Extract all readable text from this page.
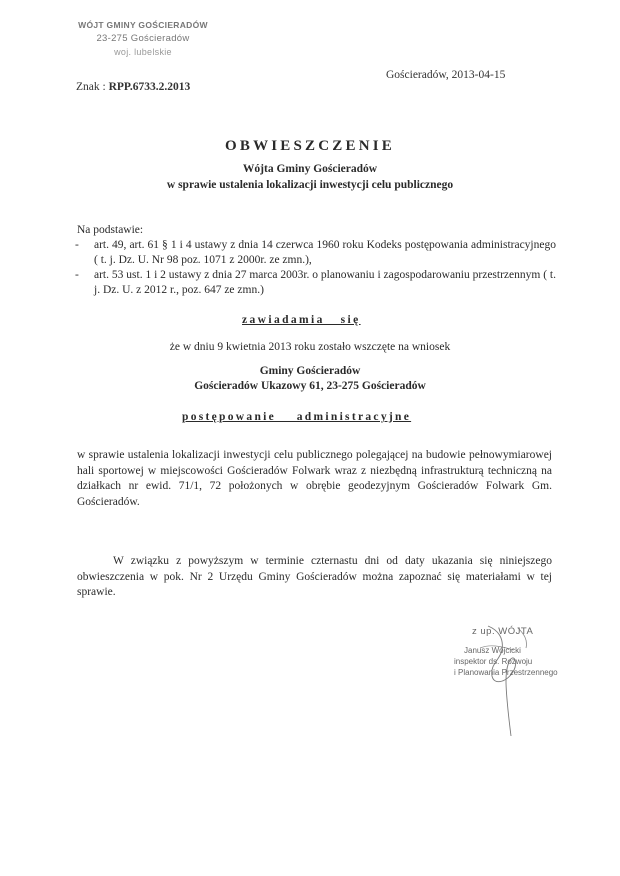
WÓJT GMINY GOŚCIERADÓW
23-275 Gościeradów
woj. lubelskie
Gościeradów, 2013-04-15
Znak : RPP.6733.2.2013
OBWIESZCZENIE
Wójta Gminy Gościeradów
w sprawie ustalenia lokalizacji inwestycji celu publicznego
Na podstawie:
- art. 49, art. 61 § 1 i 4 ustawy z dnia 14 czerwca 1960 roku Kodeks postępowania administracyjnego ( t. j. Dz. U. Nr 98 poz. 1071 z 2000r. ze zmn.),
- art. 53 ust. 1 i 2 ustawy z dnia 27 marca 2003r. o planowaniu i zagospodarowaniu przestrzennym ( t. j. Dz. U. z 2012 r., poz. 647 ze zmn.)
zawiadamia   się
że w dniu 9 kwietnia 2013 roku zostało wszczęte na wniosek
Gminy Gościeradów
Gościeradów Ukazowy 61, 23-275 Gościeradów
postępowanie    administracyjne
w sprawie ustalenia lokalizacji inwestycji celu publicznego polegającej na budowie pełnowymiarowej hali sportowej w miejscowości Gościeradów Folwark wraz z niezbędną infrastrukturą techniczną na działkach nr ewid. 71/1, 72 położonych w obrębie geodezyjnym Gościeradów Folwark Gm. Gościeradów.
W związku z powyższym w terminie czternastu dni od daty ukazania się niniejszego obwieszczenia w pok. Nr 2 Urzędu Gminy Gościeradów można zapoznać się materiałami w tej sprawie.
z up. WÓJTA
Janusz Wójcicki
inspektor ds. Rozwoju
i Planowania Przestrzennego
